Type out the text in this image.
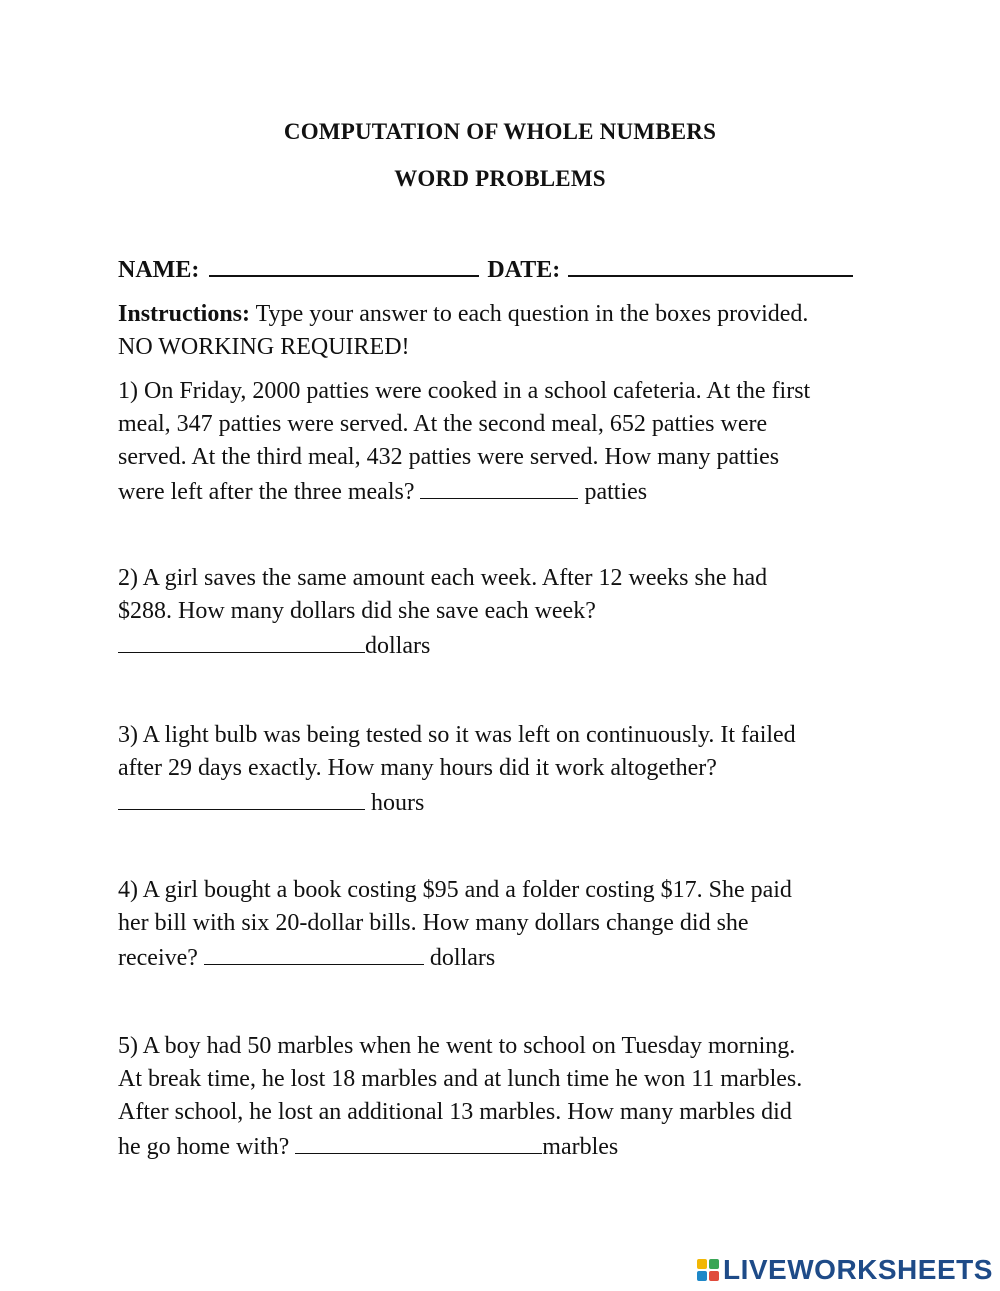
COMPUTATION OF WHOLE NUMBERS
WORD PROBLEMS
NAME:	DATE:
Instructions: Type your answer to each question in the boxes provided.
NO WORKING REQUIRED!
1) On Friday, 2000 patties were cooked in a school cafeteria. At the first
meal, 347 patties were served. At the second meal, 652 patties were
served. At the third meal, 432 patties were served. How many patties
were left after the three meals?	patties
2) A girl saves the same amount each week. After 12 weeks she had
$288. How many dollars did she save each week?
dollars
3) A light bulb was being tested so it was left on continuously. It failed
after 29 days exactly. How many hours did it work altogether?
hours
4) A girl bought a book costing $95 and a folder costing $17. She paid
her bill with six 20-dollar bills. How many dollars change did she
receive?	dollars
5) A boy had 50 marbles when he went to school on Tuesday morning.
At break time, he lost 18 marbles and at lunch time he won 11 marbles.
After school, he lost an additional 13 marbles. How many marbles did
he go home with?	marbles
LIVEWORKSHEETS
